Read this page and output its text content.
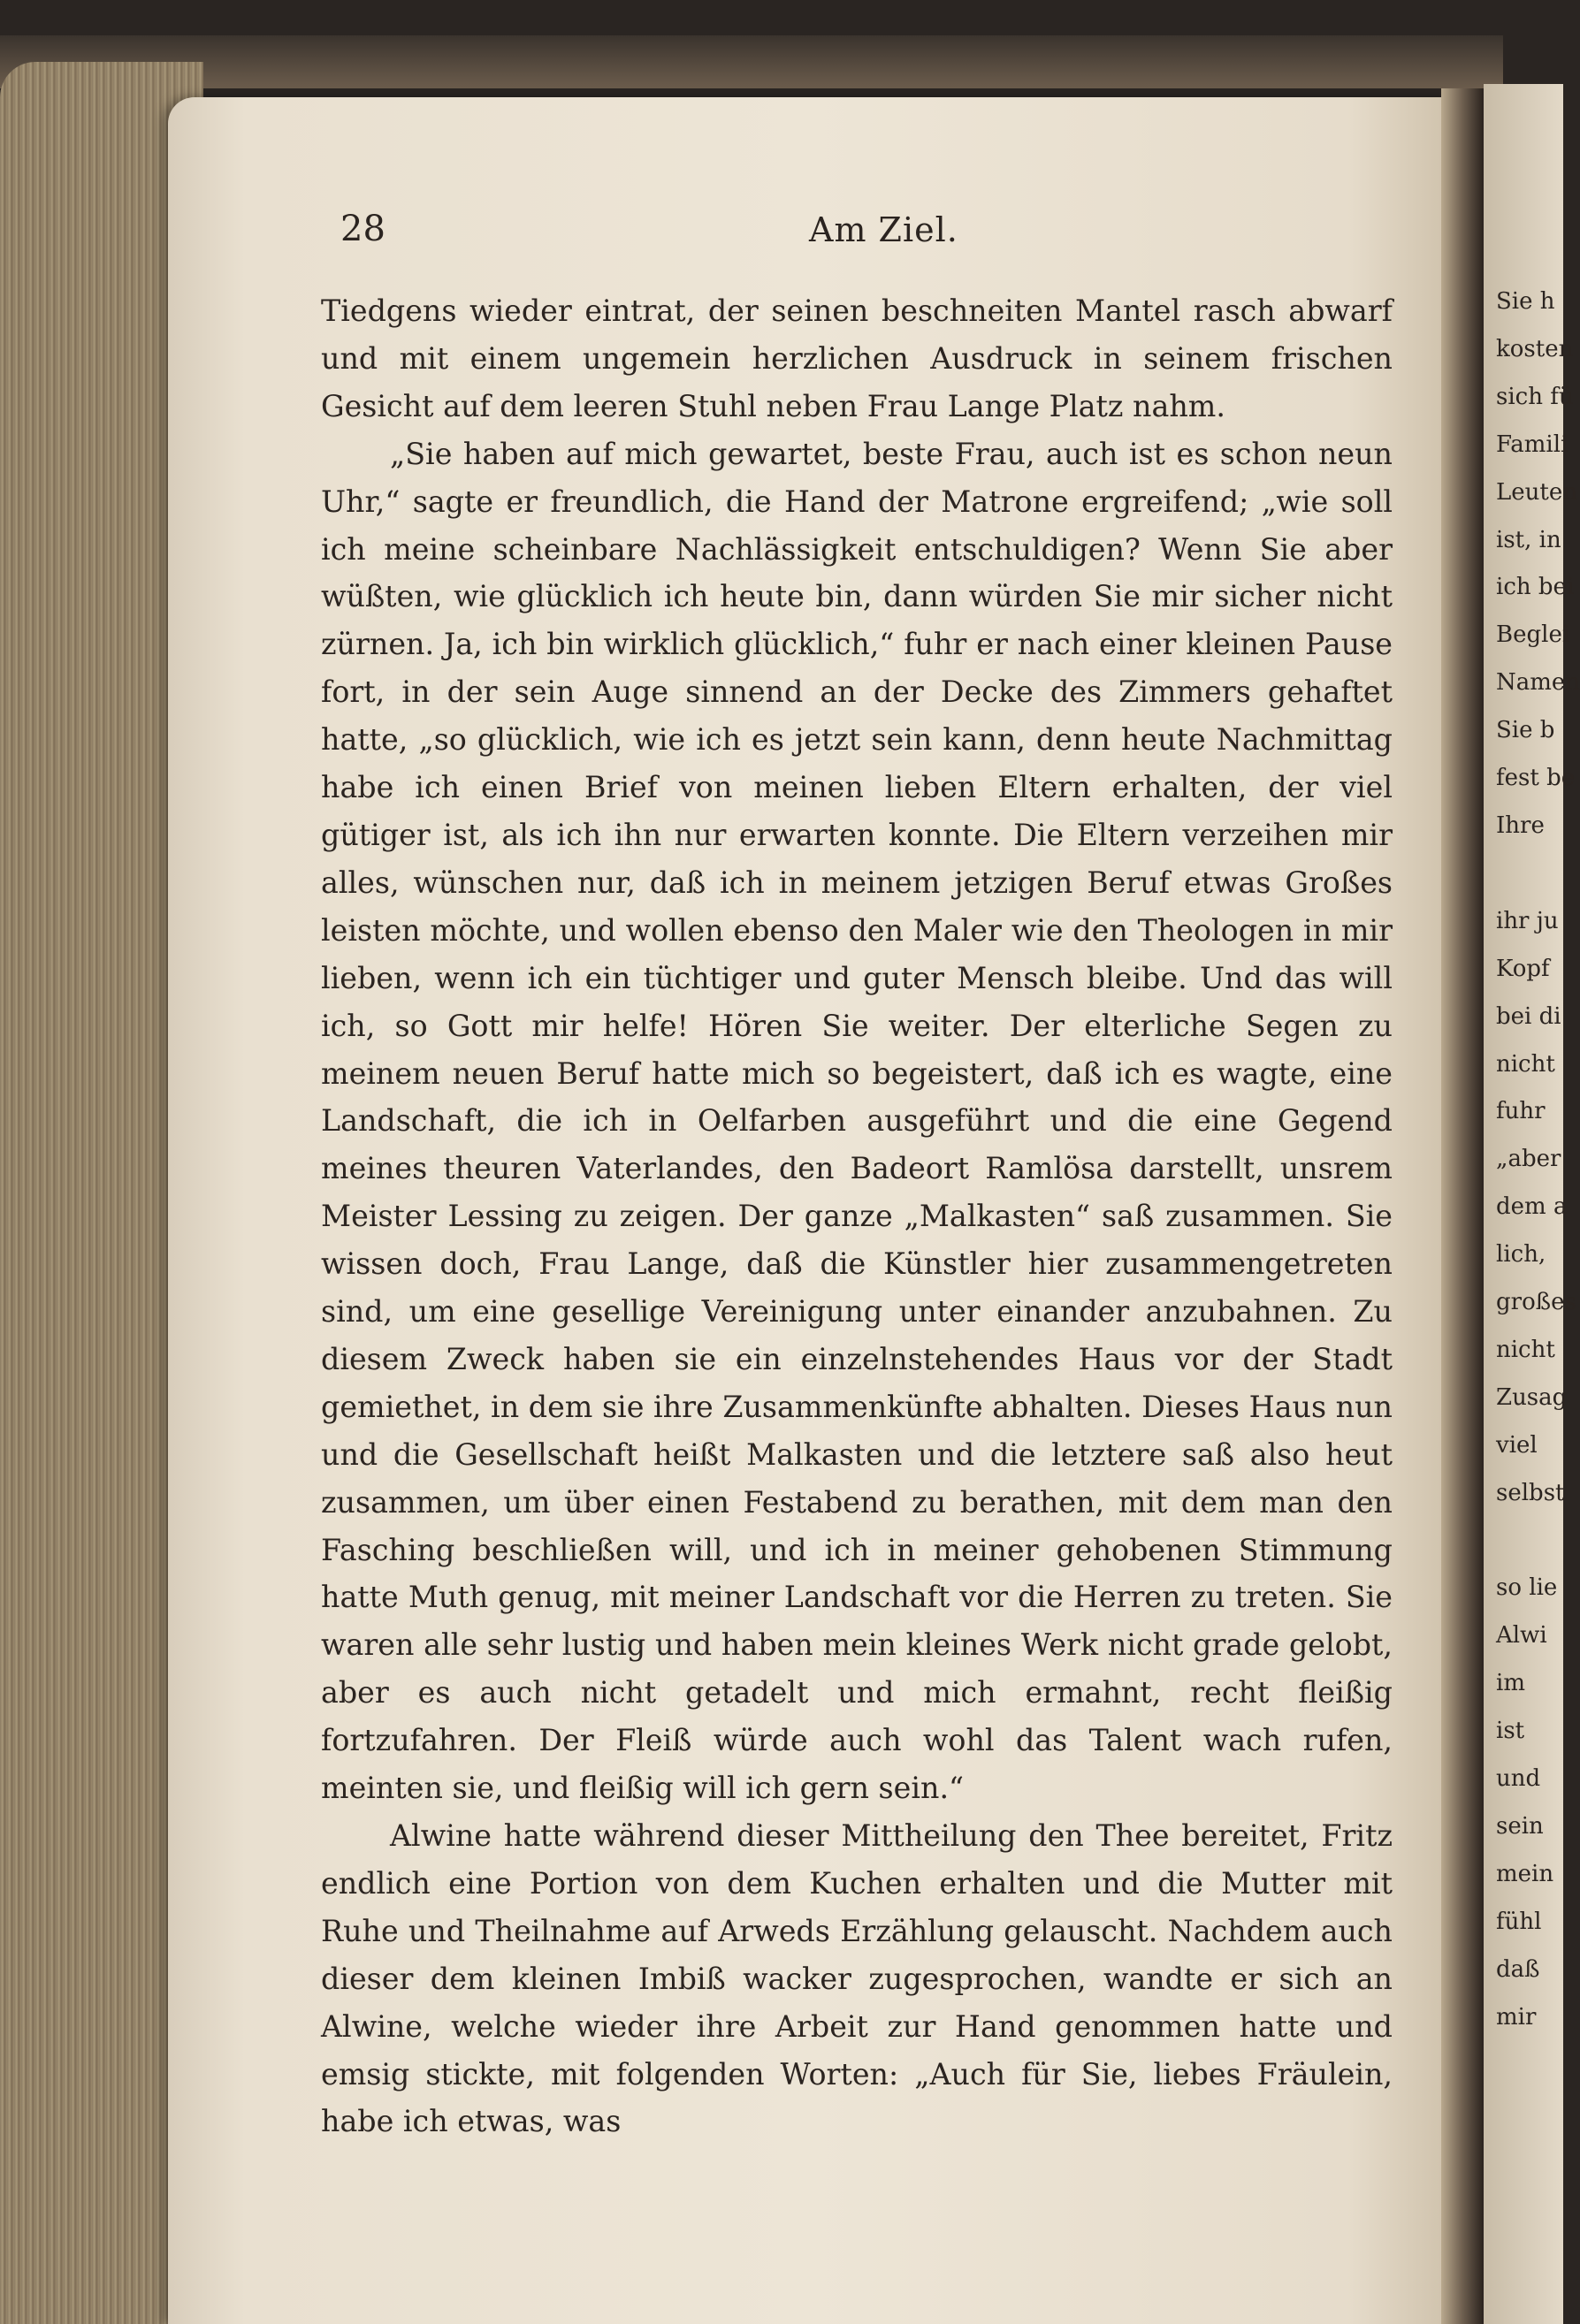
Sie h
kosten
sich fü
Famili
Leuten
ist, in
ich bei
Beglei
Namen
Sie b
fest be
Ihre

ihr ju
Kopf
bei di
nicht
fuhr
„aber
dem a
lich,
großes
nicht
Zusag
viel
selbst

so lie
Alwi
im
ist
und
sein
mein
fühl
daß
mir
28	Am Ziel.

Tiedgens wieder eintrat, der seinen beschneiten Mantel rasch abwarf und mit einem ungemein herzlichen Ausdruck in seinem frischen Gesicht auf dem leeren Stuhl neben Frau Lange Platz nahm.

„Sie haben auf mich gewartet, beste Frau, auch ist es schon neun Uhr,“ sagte er freundlich, die Hand der Matrone ergreifend; „wie soll ich meine scheinbare Nachlässigkeit entschuldigen? Wenn Sie aber wüßten, wie glücklich ich heute bin, dann würden Sie mir sicher nicht zürnen. Ja, ich bin wirklich glücklich,“ fuhr er nach einer kleinen Pause fort, in der sein Auge sinnend an der Decke des Zimmers gehaftet hatte, „so glücklich, wie ich es jetzt sein kann, denn heute Nachmittag habe ich einen Brief von meinen lieben Eltern erhalten, der viel gütiger ist, als ich ihn nur erwarten konnte. Die Eltern verzeihen mir alles, wünschen nur, daß ich in meinem jetzigen Beruf etwas Großes leisten möchte, und wollen ebenso den Maler wie den Theologen in mir lieben, wenn ich ein tüchtiger und guter Mensch bleibe. Und das will ich, so Gott mir helfe! Hören Sie weiter. Der elterliche Segen zu meinem neuen Beruf hatte mich so begeistert, daß ich es wagte, eine Landschaft, die ich in Oelfarben ausgeführt und die eine Gegend meines theuren Vaterlandes, den Badeort Ramlösa darstellt, unsrem Meister Lessing zu zeigen. Der ganze „Malkasten“ saß zusammen. Sie wissen doch, Frau Lange, daß die Künstler hier zusammengetreten sind, um eine gesellige Vereinigung unter einander anzubahnen. Zu diesem Zweck haben sie ein einzelnstehendes Haus vor der Stadt gemiethet, in dem sie ihre Zusammenkünfte abhalten. Dieses Haus nun und die Gesellschaft heißt Malkasten und die letztere saß also heut zusammen, um über einen Festabend zu berathen, mit dem man den Fasching beschließen will, und ich in meiner gehobenen Stimmung hatte Muth genug, mit meiner Landschaft vor die Herren zu treten. Sie waren alle sehr lustig und haben mein kleines Werk nicht grade gelobt, aber es auch nicht getadelt und mich ermahnt, recht fleißig fortzufahren. Der Fleiß würde auch wohl das Talent wach rufen, meinten sie, und fleißig will ich gern sein.“

Alwine hatte während dieser Mittheilung den Thee bereitet, Fritz endlich eine Portion von dem Kuchen erhalten und die Mutter mit Ruhe und Theilnahme auf Arweds Erzählung gelauscht. Nachdem auch dieser dem kleinen Imbiß wacker zugesprochen, wandte er sich an Alwine, welche wieder ihre Arbeit zur Hand genommen hatte und emsig stickte, mit folgenden Worten: „Auch für Sie, liebes Fräulein, habe ich etwas, was
